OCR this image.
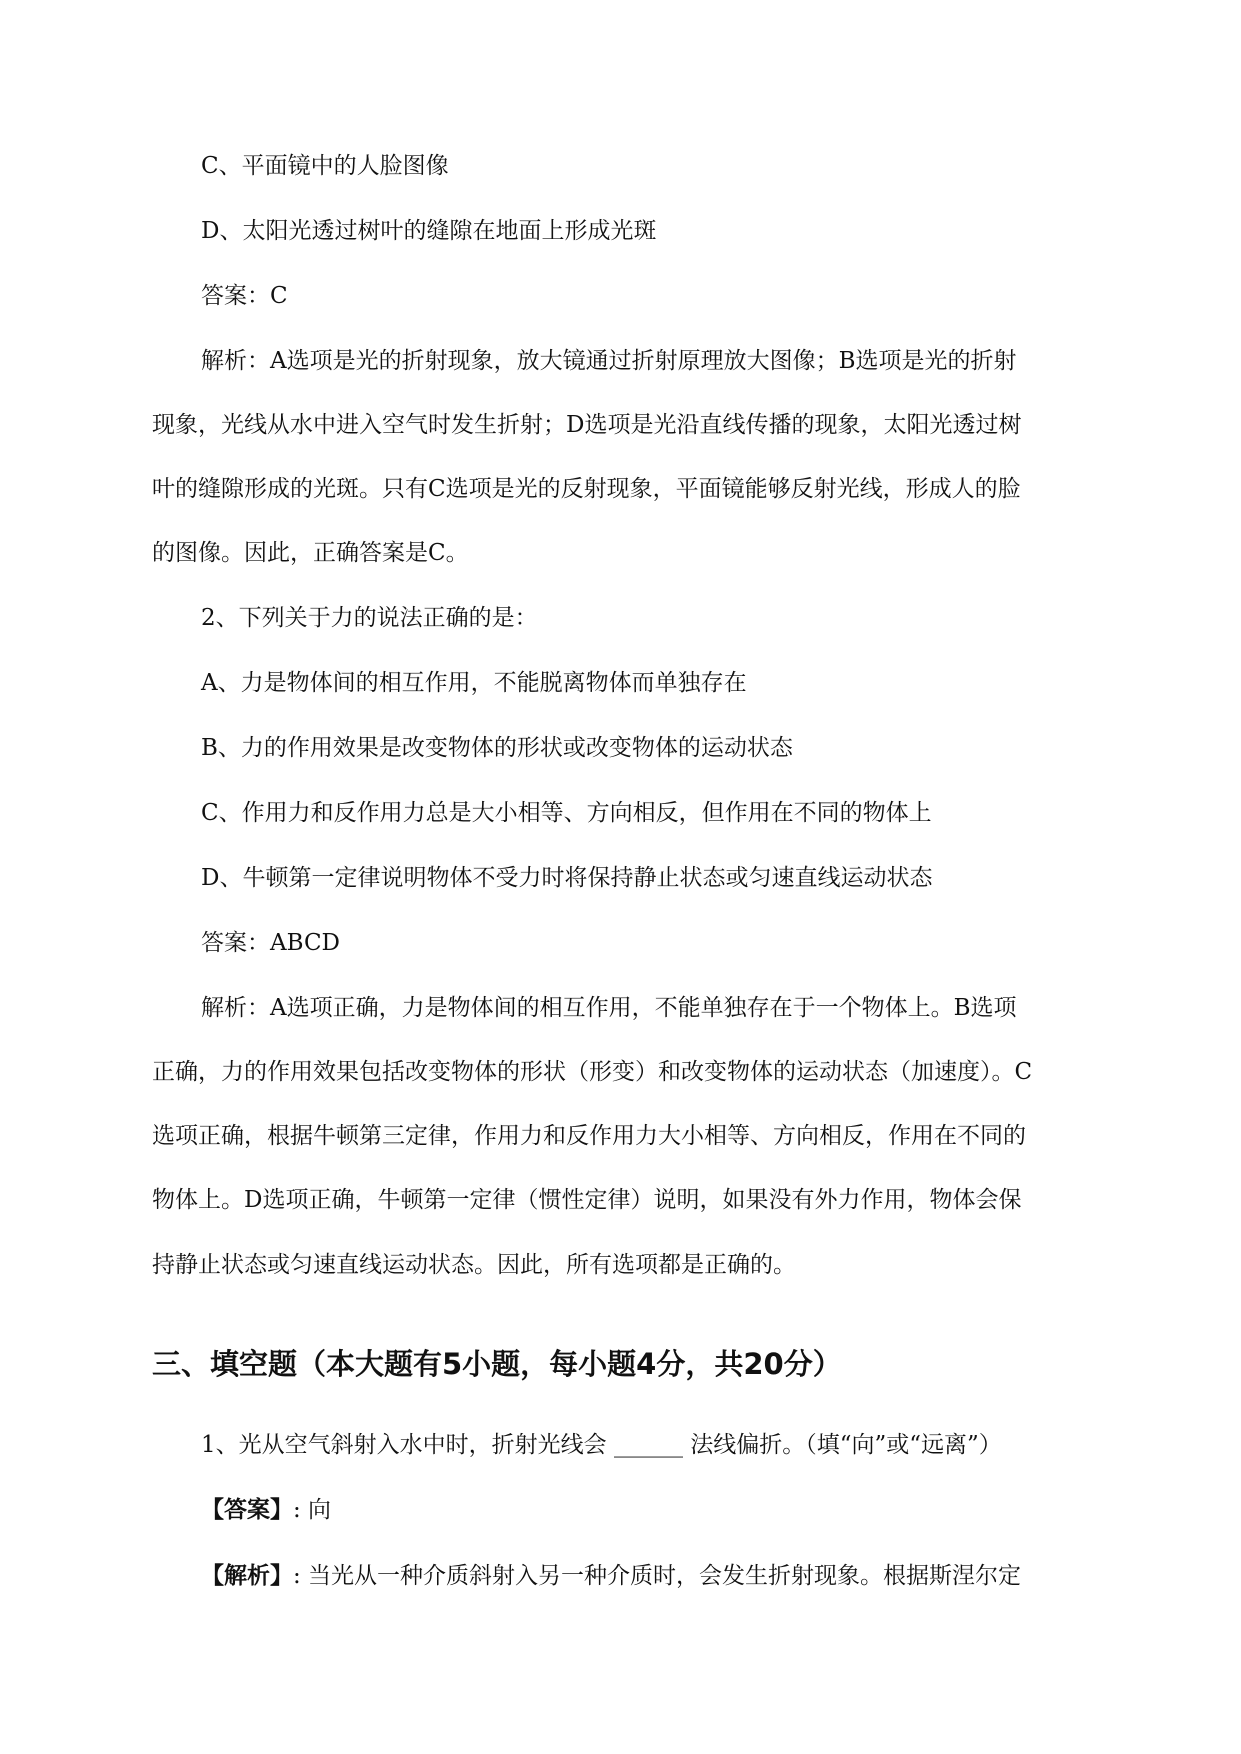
C、平面镜中的人脸图像
D、太阳光透过树叶的缝隙在地面上形成光斑
答案：C
解析：A选项是光的折射现象，放大镜通过折射原理放大图像；B选项是光的折射
现象，光线从水中进入空气时发生折射；D选项是光沿直线传播的现象，太阳光透过树
叶的缝隙形成的光斑。只有C选项是光的反射现象，平面镜能够反射光线，形成人的脸
的图像。因此，正确答案是C。
2、下列关于力的说法正确的是：
A、力是物体间的相互作用，不能脱离物体而单独存在
B、力的作用效果是改变物体的形状或改变物体的运动状态
C、作用力和反作用力总是大小相等、方向相反，但作用在不同的物体上
D、牛顿第一定律说明物体不受力时将保持静止状态或匀速直线运动状态
答案：ABCD
解析：A选项正确，力是物体间的相互作用，不能单独存在于一个物体上。B选项
正确，力的作用效果包括改变物体的形状（形变）和改变物体的运动状态（加速度）。C
选项正确，根据牛顿第三定律，作用力和反作用力大小相等、方向相反，作用在不同的
物体上。D选项正确，牛顿第一定律（惯性定律）说明，如果没有外力作用，物体会保
持静止状态或匀速直线运动状态。因此，所有选项都是正确的。
三、填空题（本大题有5小题，每小题4分，共20分）
1、光从空气斜射入水中时，折射光线会 ______ 法线偏折。（填“向”或“远离”）
【答案】: 向
【解析】: 当光从一种介质斜射入另一种介质时，会发生折射现象。根据斯涅尔定
